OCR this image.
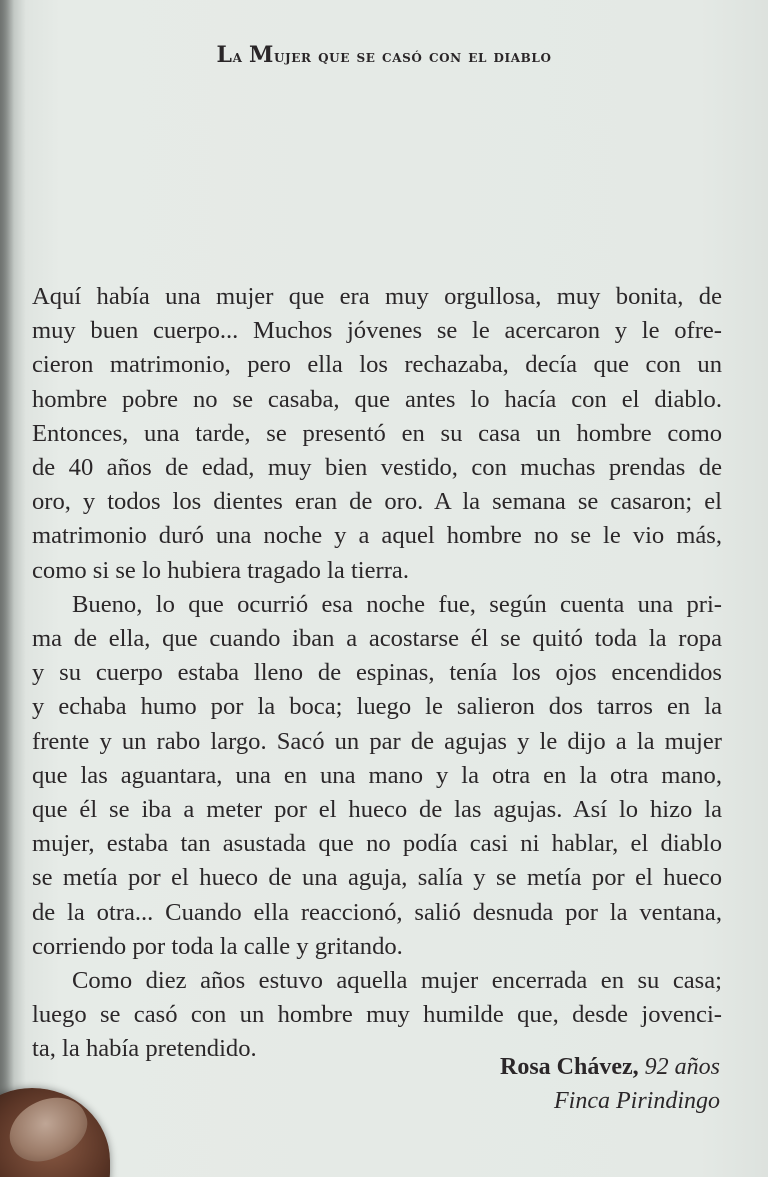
La Mujer que se casó con el diablo
Aquí había una mujer que era muy orgullosa, muy bonita, de
muy buen cuerpo... Muchos jóvenes se le acercaron y le ofre-
cieron matrimonio, pero ella los rechazaba, decía que con un
hombre pobre no se casaba, que antes lo hacía con el diablo.
Entonces, una tarde, se presentó en su casa un hombre como
de 40 años de edad, muy bien vestido, con muchas prendas de
oro, y todos los dientes eran de oro. A la semana se casaron; el
matrimonio duró una noche y a aquel hombre no se le vio más,
como si se lo hubiera tragado la tierra.
Bueno, lo que ocurrió esa noche fue, según cuenta una pri-
ma de ella, que cuando iban a acostarse él se quitó toda la ropa
y su cuerpo estaba lleno de espinas, tenía los ojos encendidos
y echaba humo por la boca; luego le salieron dos tarros en la
frente y un rabo largo. Sacó un par de agujas y le dijo a la mujer
que las aguantara, una en una mano y la otra en la otra mano,
que él se iba a meter por el hueco de las agujas. Así lo hizo la
mujer, estaba tan asustada que no podía casi ni hablar, el diablo
se metía por el hueco de una aguja, salía y se metía por el hueco
de la otra... Cuando ella reaccionó, salió desnuda por la ventana,
corriendo por toda la calle y gritando.
Como diez años estuvo aquella mujer encerrada en su casa;
luego se casó con un hombre muy humilde que, desde jovenci-
ta, la había pretendido.
Rosa Chávez, 92 años
Finca Pirindingo
